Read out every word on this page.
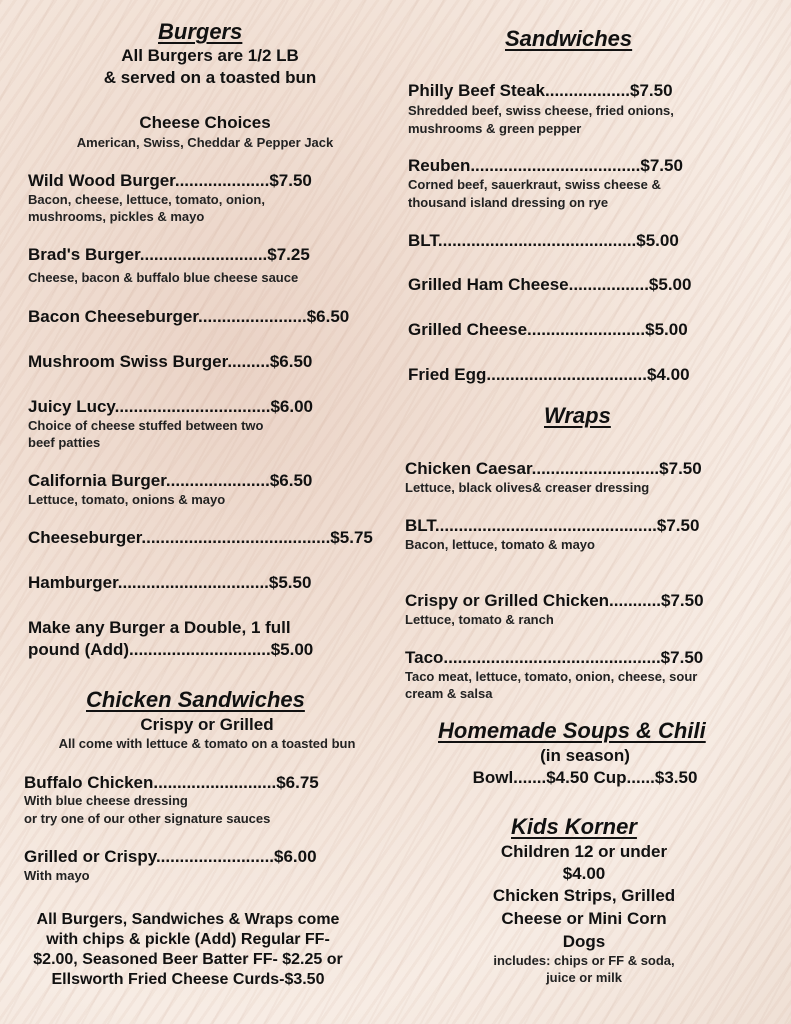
Burgers
All Burgers are 1/2 LB
& served on a toasted bun
Cheese Choices
American, Swiss, Cheddar & Pepper Jack
Wild Wood Burger....................$7.50
Bacon, cheese, lettuce, tomato, onion,
mushrooms, pickles & mayo
Brad's Burger...........................$7.25
Cheese, bacon & buffalo blue cheese sauce
Bacon Cheeseburger.......................$6.50
Mushroom Swiss Burger.........$6.50
Juicy Lucy.................................$6.00
Choice of cheese stuffed between two
beef patties
California Burger......................$6.50
Lettuce, tomato, onions & mayo
Cheeseburger........................................$5.75
Hamburger................................$5.50
Make any Burger a Double, 1 full
pound (Add)..............................$5.00
Chicken Sandwiches
Crispy or Grilled
All come with lettuce & tomato on a toasted bun
Buffalo Chicken..........................$6.75
With blue cheese dressing
or try one of our other signature sauces
Grilled or Crispy.........................$6.00
With mayo
All Burgers, Sandwiches & Wraps come
with chips & pickle (Add) Regular FF-
$2.00, Seasoned Beer Batter FF- $2.25 or
Ellsworth Fried Cheese Curds-$3.50
Sandwiches
Philly Beef Steak..................$7.50
Shredded beef, swiss cheese, fried onions,
mushrooms & green pepper
Reuben....................................$7.50
Corned beef, sauerkraut, swiss cheese &
thousand island dressing on rye
BLT..........................................$5.00
Grilled Ham Cheese.................$5.00
Grilled Cheese.........................$5.00
Fried Egg..................................$4.00
Wraps
Chicken Caesar...........................$7.50
Lettuce, black olives& creaser dressing
BLT...............................................$7.50
Bacon, lettuce, tomato & mayo
Crispy or Grilled Chicken...........$7.50
Lettuce, tomato & ranch
Taco..............................................$7.50
Taco meat, lettuce, tomato, onion, cheese, sour
cream & salsa
Homemade Soups & Chili
(in season)
Bowl.......$4.50 Cup......$3.50
Kids Korner
Children 12 or under
$4.00
Chicken Strips, Grilled
Cheese or Mini Corn
Dogs
includes: chips or FF & soda,
juice or milk
